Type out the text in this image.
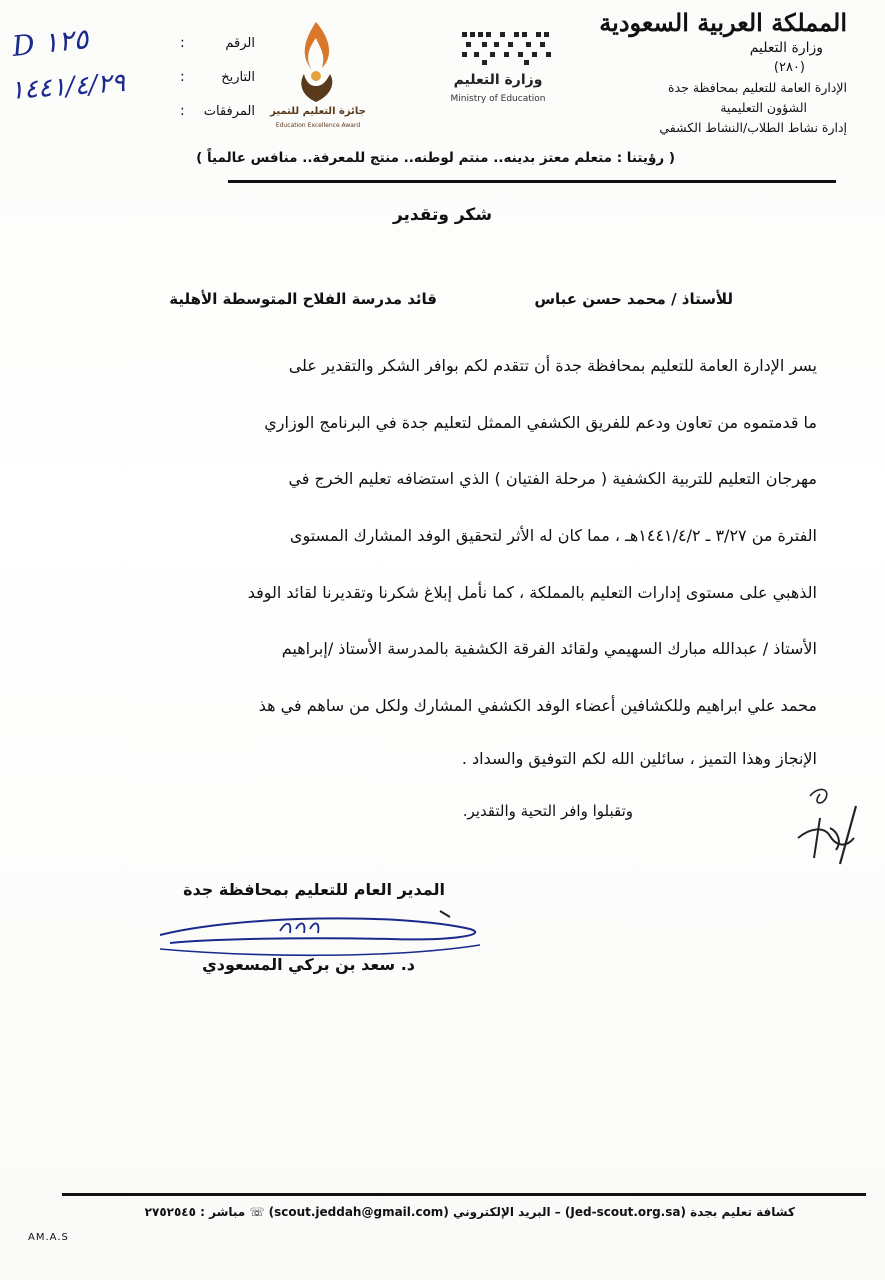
المملكة العربية السعودية
وزارة التعليم
(٢٨٠)
الإدارة العامة للتعليم بمحافظة جدة
الشؤون التعليمية
إدارة نشاط الطلاب/النشاط الكشفي
وزارة التعليم
Ministry of Education
جائزة التعليم للتميز
Education Excellence Award
الرقم
:
التاريخ
:
المرفقات
:
D ١٢٥
١٤٤١/٤/٢٩
( رؤيتنا : متعلم معتز بدينه.. منتم لوطنه.. منتج للمعرفة.. منافس عالمياً )
شكر وتقدير
للأستاذ / محمد حسن عباس
قائد مدرسة الفلاح المتوسطة الأهلية
يسر الإدارة العامة للتعليم بمحافظة جدة أن تتقدم لكم بوافر الشكر والتقدير على
ما قدمتموه من تعاون ودعم للفريق الكشفي الممثل لتعليم جدة في البرنامج الوزاري
مهرجان التعليم للتربية الكشفية ( مرحلة الفتيان ) الذي استضافه تعليم الخرج في
الفترة من ٣/٢٧ ـ ١٤٤١/٤/٢هـ ، مما كان له الأثر لتحقيق الوفد المشارك المستوى
الذهبي على مستوى إدارات التعليم بالمملكة ، كما نأمل إبلاغ شكرنا وتقديرنا لقائد الوفد
الأستاذ / عبدالله مبارك السهيمي ولقائد الفرقة الكشفية بالمدرسة الأستاذ /إبراهيم
محمد علي ابراهيم وللكشافين أعضاء الوفد الكشفي المشارك ولكل من ساهم في هذ
الإنجاز وهذا التميز ، سائلين الله لكم التوفيق والسداد .
وتقبلوا وافر التحية والتقدير.
المدير العام للتعليم بمحافظة جدة
د. سعد بن بركي المسعودي
كشافة تعليم بجدة (Jed-scout.org.sa) – البريد الإلكتروني (scout.jeddah@gmail.com) ☏ مباشر : ٢٧٥٢٥٤٥
AM.A.S
